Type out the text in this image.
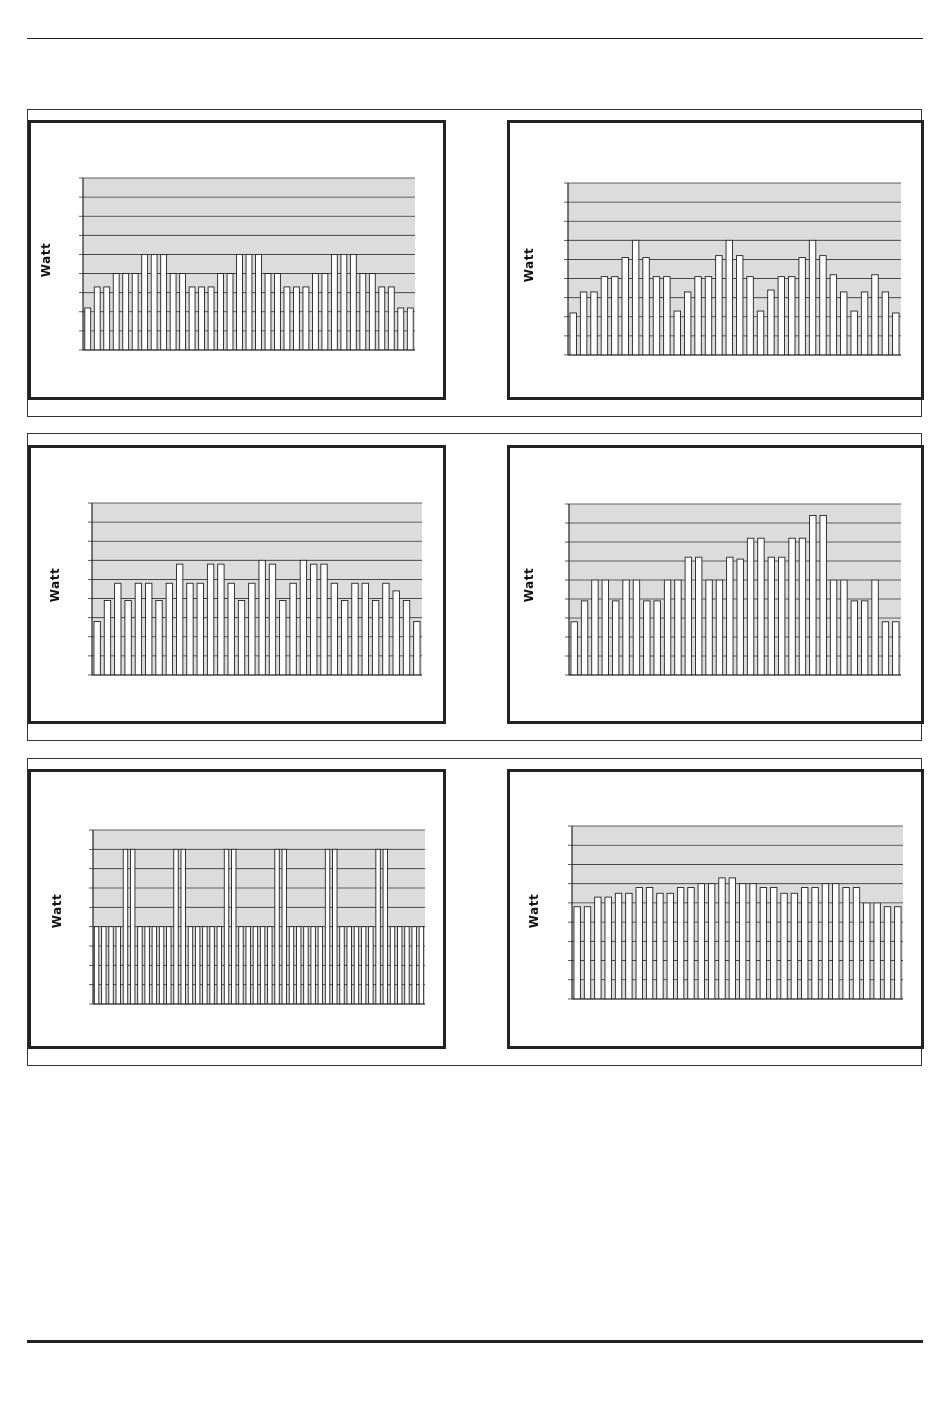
Watt	Watt
Watt	Watt
Watt	Watt
